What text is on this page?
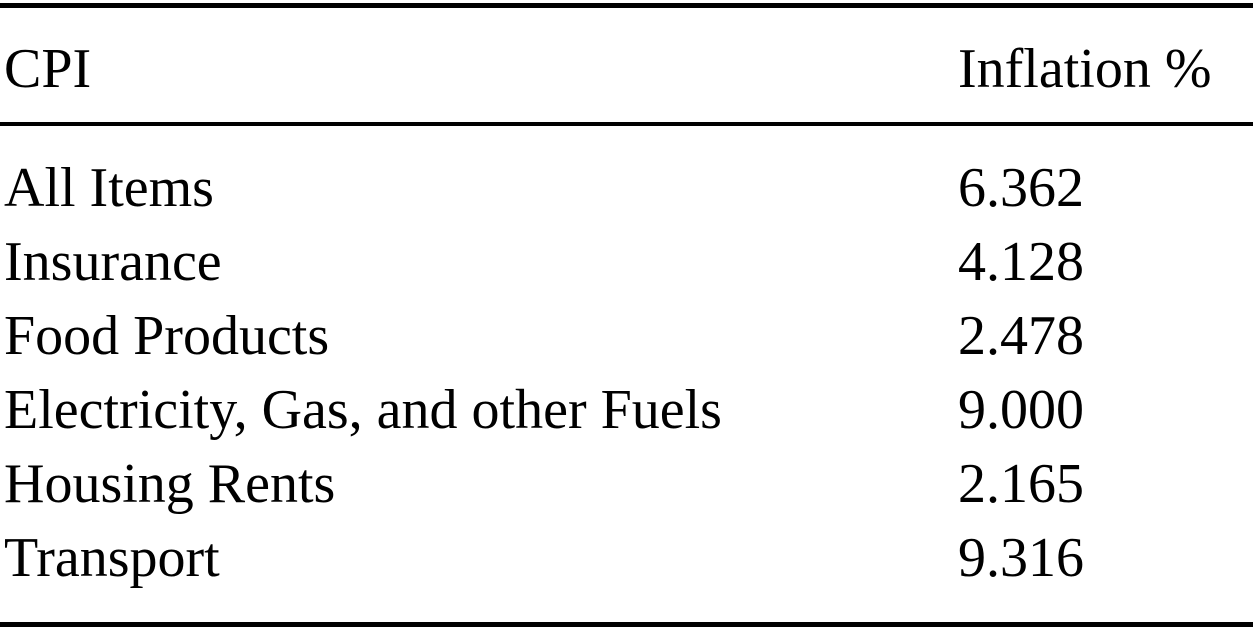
CPI	Inflation %
All Items	6.362
Insurance	4.128
Food Products	2.478
Electricity, Gas, and other Fuels	9.000
Housing Rents	2.165
Transport	9.316
